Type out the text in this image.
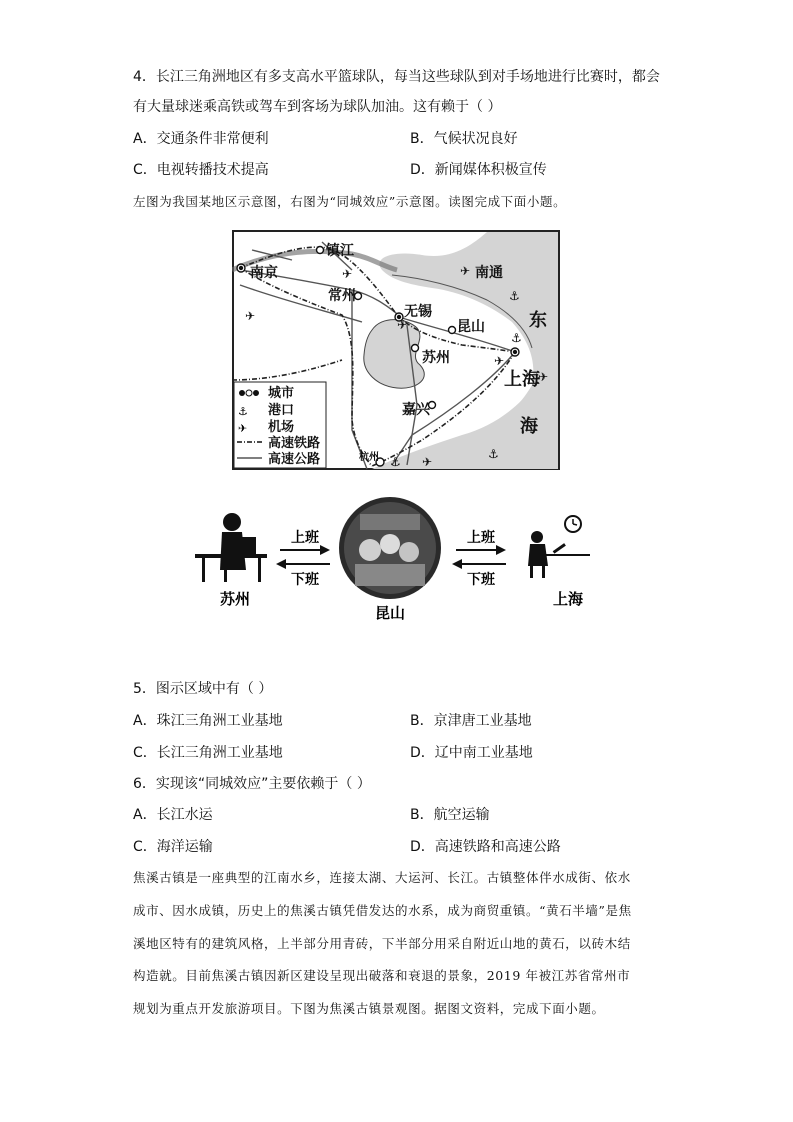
4．长江三角洲地区有多支高水平篮球队，每当这些球队到对手场地进行比赛时，都会
有大量球迷乘高铁或驾车到客场为球队加油。这有赖于（ ）
A．交通条件非常便利	B．气候状况良好
C．电视转播技术提高	D．新闻媒体积极宣传
左图为我国某地区示意图，右图为“同城效应”示意图。读图完成下面小题。
镇江
南京
常州
无锡
昆山
苏州
南通
嘉兴
上海
杭州
东
海
✈
✈
✈
✈
✈
✈
✈
⚓
⚓
⚓
⚓
⚓
✈
城市
港口
机场
高速铁路
高速公路
上班
下班
上班
下班
苏州
昆山
上海
5．图示区域中有（ ）
A．珠江三角洲工业基地	B．京津唐工业基地
C．长江三角洲工业基地	D．辽中南工业基地
6．实现该“同城效应”主要依赖于（ ）
A．长江水运	B．航空运输
C．海洋运输	D．高速铁路和高速公路
焦溪古镇是一座典型的江南水乡，连接太湖、大运河、长江。古镇整体伴水成街、依水
成市、因水成镇，历史上的焦溪古镇凭借发达的水系，成为商贸重镇。“黄石半墙”是焦
溪地区特有的建筑风格，上半部分用青砖，下半部分用采自附近山地的黄石，以砖木结
构造就。目前焦溪古镇因新区建设呈现出破落和衰退的景象，2019 年被江苏省常州市
规划为重点开发旅游项目。下图为焦溪古镇景观图。据图文资料，完成下面小题。
